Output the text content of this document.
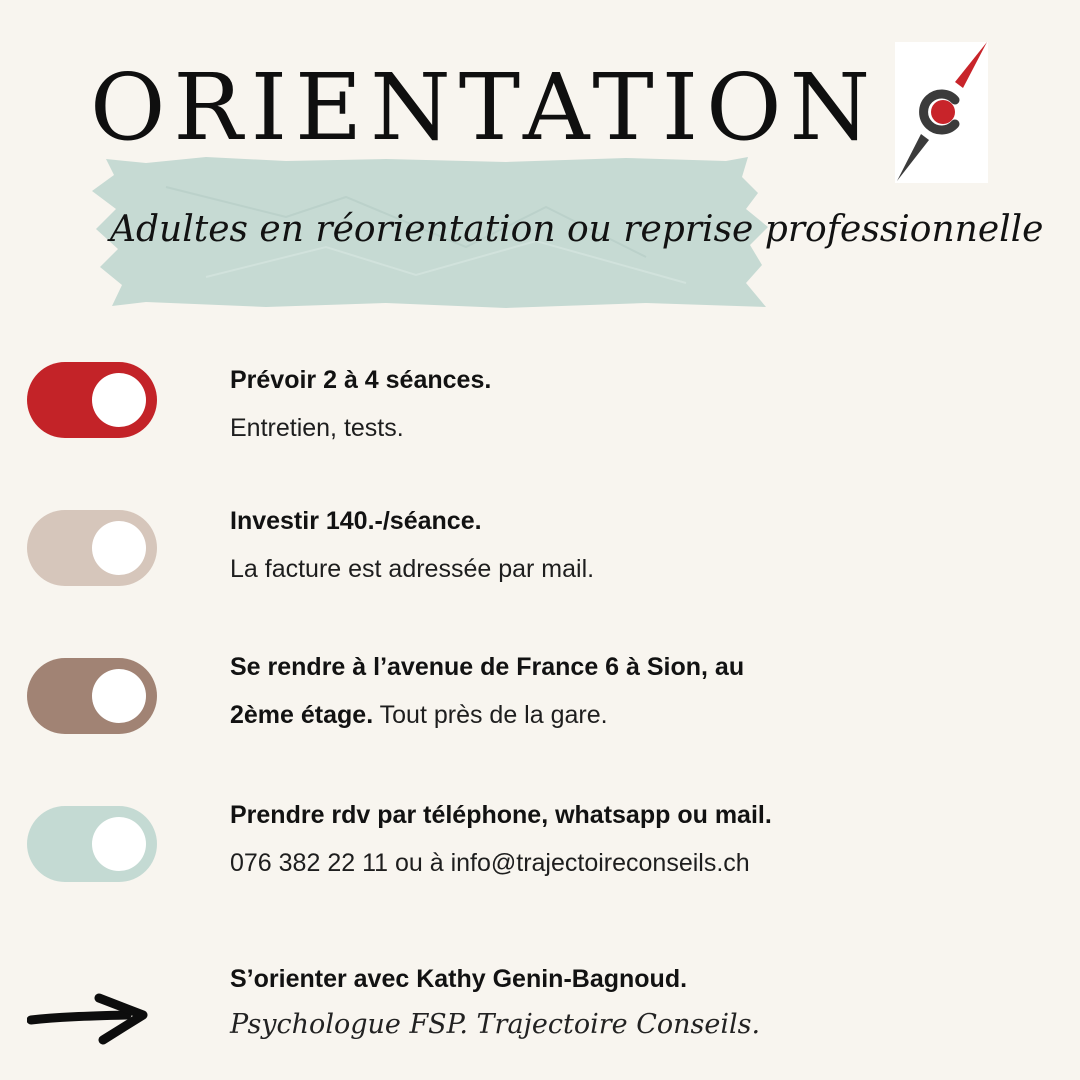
ORIENTATION
Adultes en réorientation ou reprise professionnelle
Prévoir 2 à 4 séances.
Entretien, tests.
Investir 140.-/séance.
La facture est adressée par mail.
Se rendre à l’avenue de France 6 à Sion, au
2ème étage. Tout près de la gare.
Prendre rdv par téléphone, whatsapp ou mail.
076 382 22 11 ou à info@trajectoireconseils.ch
S’orienter avec Kathy Genin-Bagnoud.
Psychologue FSP. Trajectoire Conseils.
